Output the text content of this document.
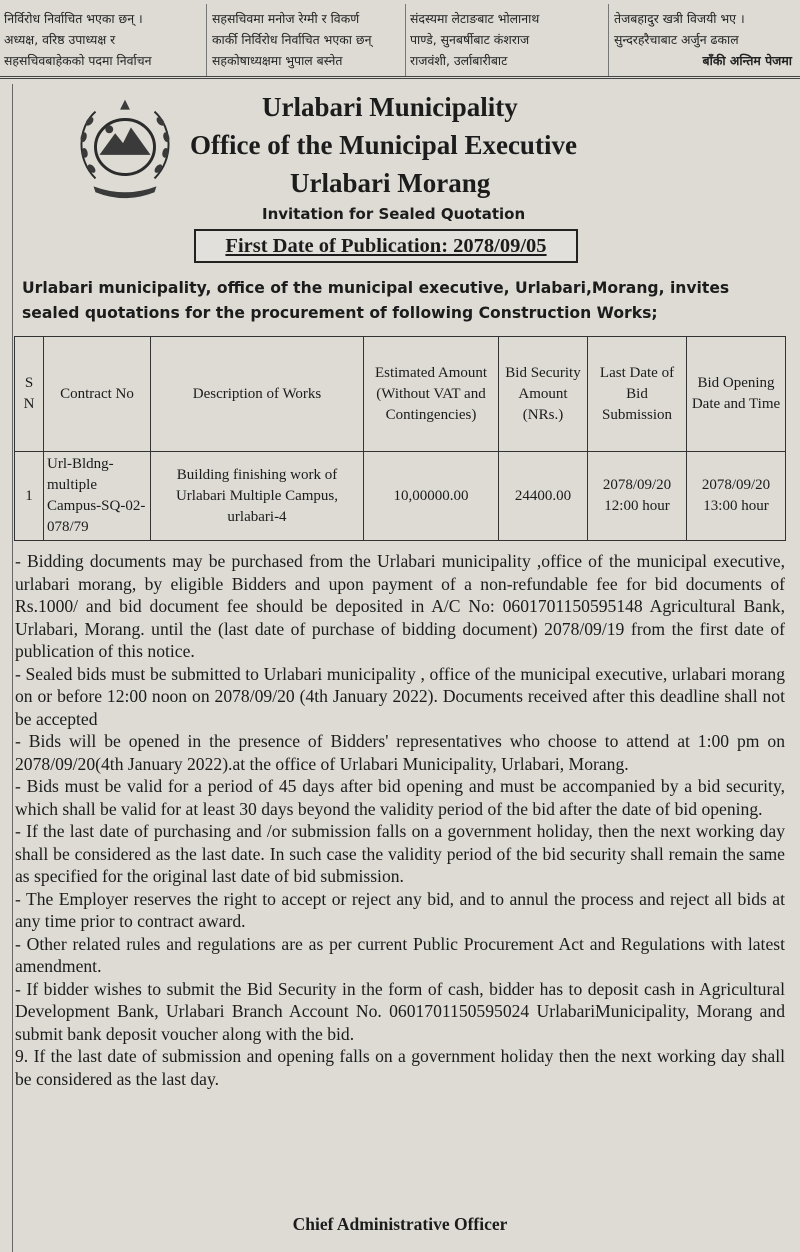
निर्विरोध निर्वाचित भएका छन् ।
अध्यक्ष, वरिष्ठ उपाध्यक्ष र
सहसचिवबाहेकको पदमा निर्वाचन
सहसचिवमा मनोज रेग्मी र विकर्ण
कार्की निर्विरोध निर्वाचित भएका छन्
सहकोषाध्यक्षमा भुपाल बस्नेत
संदस्यमा लेटाङबाट भोलानाथ
पाण्डे, सुनबर्षीबाट कंशराज
राजवंशी, उर्लाबारीबाट
तेजबहादुर खत्री विजयी भए ।
सुन्दरहरैचाबाट अर्जुन ढकाल
बाँकी अन्तिम पेजमा
Urlabari Municipality
Office of the Municipal Executive
Urlabari Morang
Invitation for Sealed Quotation
First Date of Publication: 2078/09/05
Urlabari municipality, office of the municipal executive, Urlabari,Morang, invites
sealed quotations for the procurement of following Construction Works;
S N	Contract No	Description of Works	Estimated Amount (Without VAT and Contingencies)	Bid Security Amount (NRs.)	Last Date of Bid Submission	Bid Opening Date and Time
1	Url-Bldng-multiple Campus-SQ-02-078/79	Building finishing work of Urlabari Multiple Campus, urlabari-4	10,00000.00	24400.00	2078/09/20 12:00 hour	2078/09/20 13:00 hour

- Bidding documents may be purchased from the Urlabari municipality ,office of the municipal executive, urlabari morang, by eligible Bidders and upon payment of a non-refundable fee for bid documents of Rs.1000/ and bid document fee should be deposited in A/C No: 0601701150595148 Agricultural Bank, Urlabari, Morang. until the (last date of purchase of bidding document) 2078/09/19 from the first date of publication of this notice.

- Sealed bids must be submitted to Urlabari municipality , office of the municipal executive, urlabari morang on or before 12:00 noon on 2078/09/20 (4th January 2022). Documents received after this deadline shall not be accepted

- Bids will be opened in the presence of Bidders' representatives who choose to attend at 1:00 pm on 2078/09/20(4th January 2022).at the office of Urlabari Municipality, Urlabari, Morang.

- Bids must be valid for a period of 45 days after bid opening and must be accompanied by a bid security, which shall be valid for at least 30 days beyond the validity period of the bid after the date of bid opening.

- If the last date of purchasing and /or submission falls on a government holiday, then the next working day shall be considered as the last date. In such case the validity period of the bid security shall remain the same as specified for the original last date of bid submission.

- The Employer reserves the right to accept or reject any bid, and to annul the process and reject all bids at any time prior to contract award.

- Other related rules and regulations are as per current Public Procurement Act and Regulations with latest amendment.

- If bidder wishes to submit the Bid Security in the form of cash, bidder has to deposit cash in Agricultural Development Bank, Urlabari Branch Account No. 0601701150595024 UrlabariMunicipality, Morang and submit bank deposit voucher along with the bid.

9. If the last date of submission and opening falls on a government holiday then the next working day shall be considered as the last day.

Chief Administrative Officer
